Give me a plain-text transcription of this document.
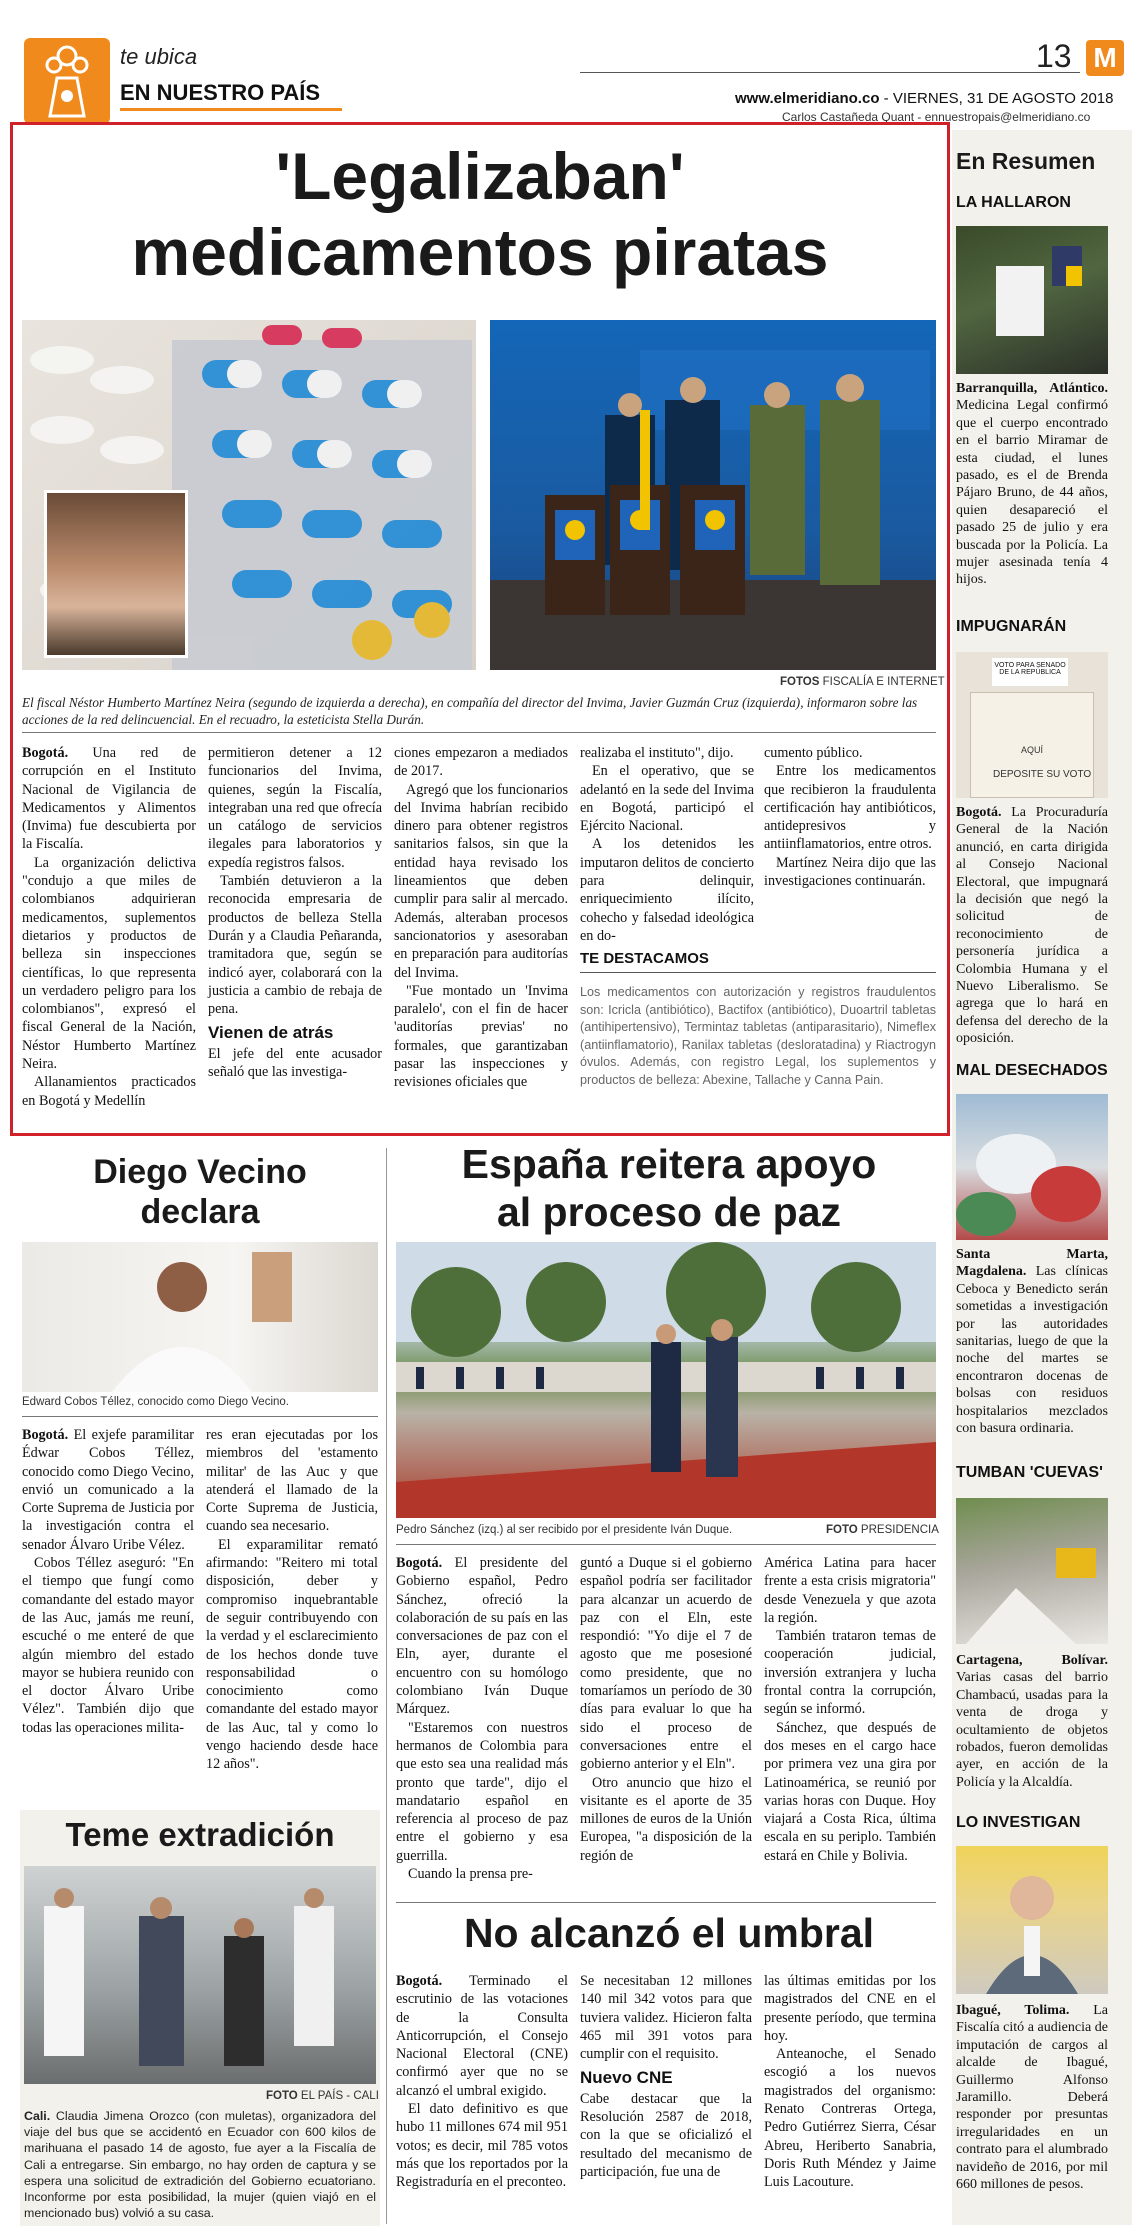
te ubica
EN NUESTRO PAÍS
13 M
www.elmeridiano.co - VIERNES, 31 DE AGOSTO 2018
Carlos Castañeda Quant - ennuestropais@elmeridiano.co
'Legalizaban'
medicamentos piratas
FOTOS FISCALÍA E INTERNET
El fiscal Néstor Humberto Martínez Neira (segundo de izquierda a derecha), en compañía del director del Invima, Javier Guzmán Cruz (izquierda), informaron sobre las acciones de la red delincuencial. En el recuadro, la esteticista Stella Durán.

Bogotá. Una red de corrupción en el Instituto Nacional de Vigilancia de Medicamentos y Alimentos (Invima) fue descubierta por la Fiscalía.

La organización delictiva "condujo a que miles de colombianos adquirieran medicamentos, suplementos dietarios y productos de belleza sin inspecciones científicas, lo que representa un verdadero peligro para los colombianos", expresó el fiscal General de la Nación, Néstor Humberto Martínez Neira.

Allanamientos practicados en Bogotá y Medellín

permitieron detener a 12 funcionarios del Invima, quienes, según la Fiscalía, integraban una red que ofrecía un catálogo de servicios ilegales para laboratorios y expedía registros falsos.

También detuvieron a la reconocida empresaria de productos de belleza Stella Durán y a Claudia Peñaranda, tramitadora que, según se indicó ayer, colaborará con la justicia a cambio de rebaja de pena.

Vienen de atrás

El jefe del ente acusador señaló que las investiga-

ciones empezaron a mediados de 2017.

Agregó que los funcionarios del Invima habrían recibido dinero para obtener registros sanitarios falsos, sin que la entidad haya revisado los lineamientos que deben cumplir para salir al mercado. Además, alteraban procesos sancionatorios y asesoraban en preparación para auditorías del Invima.

"Fue montado un 'Invima paralelo', con el fin de hacer 'auditorías previas' no formales, que garantizaban pasar las inspecciones y revisiones oficiales que

realizaba el instituto", dijo.

En el operativo, que se adelantó en la sede del Invima en Bogotá, participó el Ejército Nacional.

A los detenidos les imputaron delitos de concierto para delinquir, enriquecimiento ilícito, cohecho y falsedad ideológica en do-

cumento público.

Entre los medicamentos que recibieron la fraudulenta certificación hay antibióticos, antidepresivos y antiinflamatorios, entre otros.

Martínez Neira dijo que las investigaciones continuarán.

TE DESTACAMOS
Los medicamentos con autorización y registros fraudulentos son: Icricla (antibiótico), Bactifox (antibiótico), Duoartril tabletas (antihipertensivo), Termintaz tabletas (antiparasitario), Nimeflex (antiinflamatorio), Ranilax tabletas (desloratadina) y Riactrogyn óvulos. Además, con registro Legal, los suplementos y productos de belleza: Abexine, Tallache y Canna Pain.
En Resumen
LA HALLARON
Barranquilla, Atlántico. Medicina Legal confirmó que el cuerpo encontrado en el barrio Miramar de esta ciudad, el lunes pasado, es el de Brenda Pájaro Bruno, de 44 años, quien desapareció el pasado 25 de julio y era buscada por la Policía. La mujer asesinada tenía 4 hijos.
IMPUGNARÁN
VOTO PARA SENADO DE LA REPÚBLICA
AQUÍ
DEPOSITE SU VOTO
Bogotá. La Procuraduría General de la Nación anunció, en carta dirigida al Consejo Nacional Electoral, que impugnará la decisión que negó la solicitud de reconocimiento de personería jurídica a Colombia Humana y el Nuevo Liberalismo. Se agrega que lo hará en defensa del derecho de la oposición.
MAL DESECHADOS
Santa Marta, Magdalena. Las clínicas Ceboca y Benedicto serán sometidas a investigación por las autoridades sanitarias, luego de que la noche del martes se encontraron docenas de bolsas con residuos hospitalarios mezclados con basura ordinaria.
TUMBAN 'CUEVAS'
Cartagena, Bolívar. Varias casas del barrio Chambacú, usadas para la venta de droga y ocultamiento de objetos robados, fueron demolidas ayer, en acción de la Policía y la Alcaldía.
LO INVESTIGAN
Ibagué, Tolima. La Fiscalía citó a audiencia de imputación de cargos al alcalde de Ibagué, Guillermo Alfonso Jaramillo. Deberá responder por presuntas irregularidades en un contrato para el alumbrado navideño de 2016, por mil 660 millones de pesos.
Diego Vecino
declara
Edward Cobos Téllez, conocido como Diego Vecino.

Bogotá. El exjefe paramilitar Édwar Cobos Téllez, conocido como Diego Vecino, envió un comunicado a la Corte Suprema de Justicia por la investigación contra el senador Álvaro Uribe Vélez.

Cobos Téllez aseguró: "En el tiempo que fungí como comandante del estado mayor de las Auc, jamás me reuní, escuché o me enteré de que algún miembro del estado mayor se hubiera reunido con el doctor Álvaro Uribe Vélez". También dijo que todas las operaciones milita-

res eran ejecutadas por los miembros del 'estamento militar' de las Auc y que atenderá el llamado de la Corte Suprema de Justicia, cuando sea necesario.

El exparamilitar remató afirmando: "Reitero mi total disposición, deber y compromiso inquebrantable de seguir contribuyendo con la verdad y el esclarecimiento de los hechos donde tuve responsabilidad o conocimiento como comandante del estado mayor de las Auc, tal y como lo vengo haciendo desde hace 12 años".

Teme extradición
FOTO EL PAÍS - CALI
Cali. Claudia Jimena Orozco (con muletas), organizadora del viaje del bus que se accidentó en Ecuador con 600 kilos de marihuana el pasado 14 de agosto, fue ayer a la Fiscalía de Cali a entregarse. Sin embargo, no hay orden de captura y se espera una solicitud de extradición del Gobierno ecuatoriano. Inconforme por esta posibilidad, la mujer (quien viajó en el mencionado bus) volvió a su casa.
España reitera apoyo
al proceso de paz
Pedro Sánchez (izq.) al ser recibido por el presidente Iván Duque.	FOTO PRESIDENCIA

Bogotá. El presidente del Gobierno español, Pedro Sánchez, ofreció la colaboración de su país en las conversaciones de paz con el Eln, ayer, durante el encuentro con su homólogo colombiano Iván Duque Márquez.

"Estaremos con nuestros hermanos de Colombia para que esto sea una realidad más pronto que tarde", dijo el mandatario español en referencia al proceso de paz entre el gobierno y esa guerrilla.

Cuando la prensa pre-

guntó a Duque si el gobierno español podría ser facilitador para alcanzar un acuerdo de paz con el Eln, este respondió: "Yo dije el 7 de agosto que me posesioné como presidente, que no tomaríamos un período de 30 días para evaluar lo que ha sido el proceso de conversaciones entre el gobierno anterior y el Eln".

Otro anuncio que hizo el visitante es el aporte de 35 millones de euros de la Unión Europea, "a disposición de la región de

América Latina para hacer frente a esta crisis migratoria" desde Venezuela y que azota la región.

También trataron temas de cooperación judicial, inversión extranjera y lucha frontal contra la corrupción, según se informó.

Sánchez, que después de dos meses en el cargo hace por primera vez una gira por Latinoamérica, se reunió por varias horas con Duque. Hoy viajará a Costa Rica, última escala en su periplo. También estará en Chile y Bolivia.

No alcanzó el umbral

Bogotá. Terminado el escrutinio de las votaciones de la Consulta Anticorrupción, el Consejo Nacional Electoral (CNE) confirmó ayer que no se alcanzó el umbral exigido.

El dato definitivo es que hubo 11 millones 674 mil 951 votos; es decir, mil 785 votos más que los reportados por la Registraduría en el preconteo.

Se necesitaban 12 millones 140 mil 342 votos para que tuviera validez. Hicieron falta 465 mil 391 votos para cumplir con el requisito.

Nuevo CNE

Cabe destacar que la Resolución 2587 de 2018, con la que se oficializó el resultado del mecanismo de participación, fue una de

las últimas emitidas por los magistrados del CNE en el presente período, que termina hoy.

Anteanoche, el Senado escogió a los nuevos magistrados del organismo: Renato Contreras Ortega, Pedro Gutiérrez Sierra, César Abreu, Heriberto Sanabria, Doris Ruth Méndez y Jaime Luis Lacouture.
